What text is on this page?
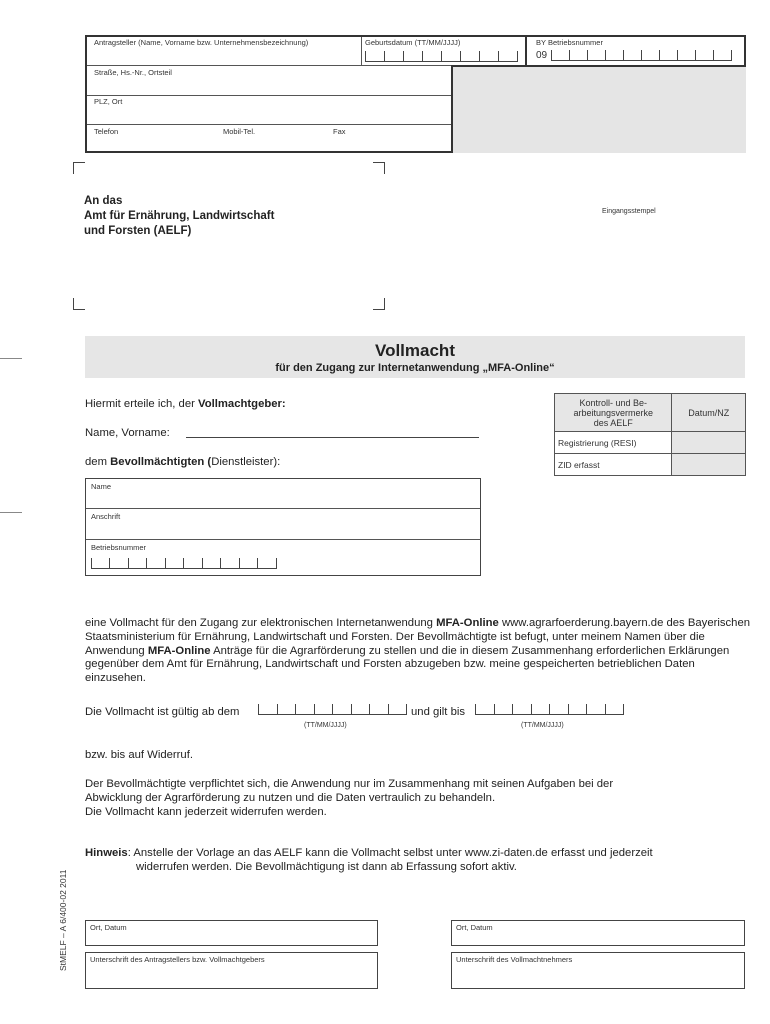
Antragsteller (Name, Vorname bzw. Unternehmensbezeichnung)	Geburtsdatum (TT/MM/JJJJ)	BY Betriebsnummer
09
Straße, Hs.-Nr., Ortsteil
PLZ, Ort
Telefon	Mobil-Tel.	Fax
An das
Amt für Ernährung, Landwirtschaft
und Forsten (AELF)
Eingangsstempel
Vollmacht
für den Zugang zur Internetanwendung „MFA-Online“
Hiermit erteile ich, der Vollmachtgeber:
Name, Vorname:
dem Bevollmächtigten (Dienstleister):
Kontroll- und Be-
arbeitungsvermerke
des AELF	Datum/NZ
Registrierung (RESI)	
ZID erfasst	
Name
Anschrift
Betriebsnummer
eine Vollmacht für den Zugang zur elektronischen Internetanwendung MFA-Online www.agrarfoerderung.bayern.de des Bayerischen Staatsministerium für Ernährung, Landwirtschaft und Forsten. Der Bevollmächtigte ist befugt, unter meinem Namen über die Anwendung MFA-Online Anträge für die Agrarförderung zu stellen und die in diesem Zusammenhang erforderlichen Erklärungen gegenüber dem Amt für Ernährung, Landwirtschaft und Forsten abzugeben bzw. meine gespeicherten betrieblichen Daten einzusehen.
Die Vollmacht ist gültig ab dem
(TT/MM/JJJJ)
und gilt bis
(TT/MM/JJJJ)
bzw. bis auf Widerruf.
Der Bevollmächtigte verpflichtet sich, die Anwendung nur im Zusammenhang mit seinen Aufgaben bei der
Abwicklung der Agrarförderung zu nutzen und die Daten vertraulich zu behandeln.
Die Vollmacht kann jederzeit widerrufen werden.
Hinweis: Anstelle der Vorlage an das AELF kann die Vollmacht selbst unter www.zi-daten.de erfasst und jederzeit
widerrufen werden. Die Bevollmächtigung ist dann ab Erfassung sofort aktiv.
Ort, Datum
Unterschrift des Antragstellers bzw. Vollmachtgebers
Ort, Datum
Unterschrift des Vollmachtnehmers
StMELF – A 6/400-02 2011
